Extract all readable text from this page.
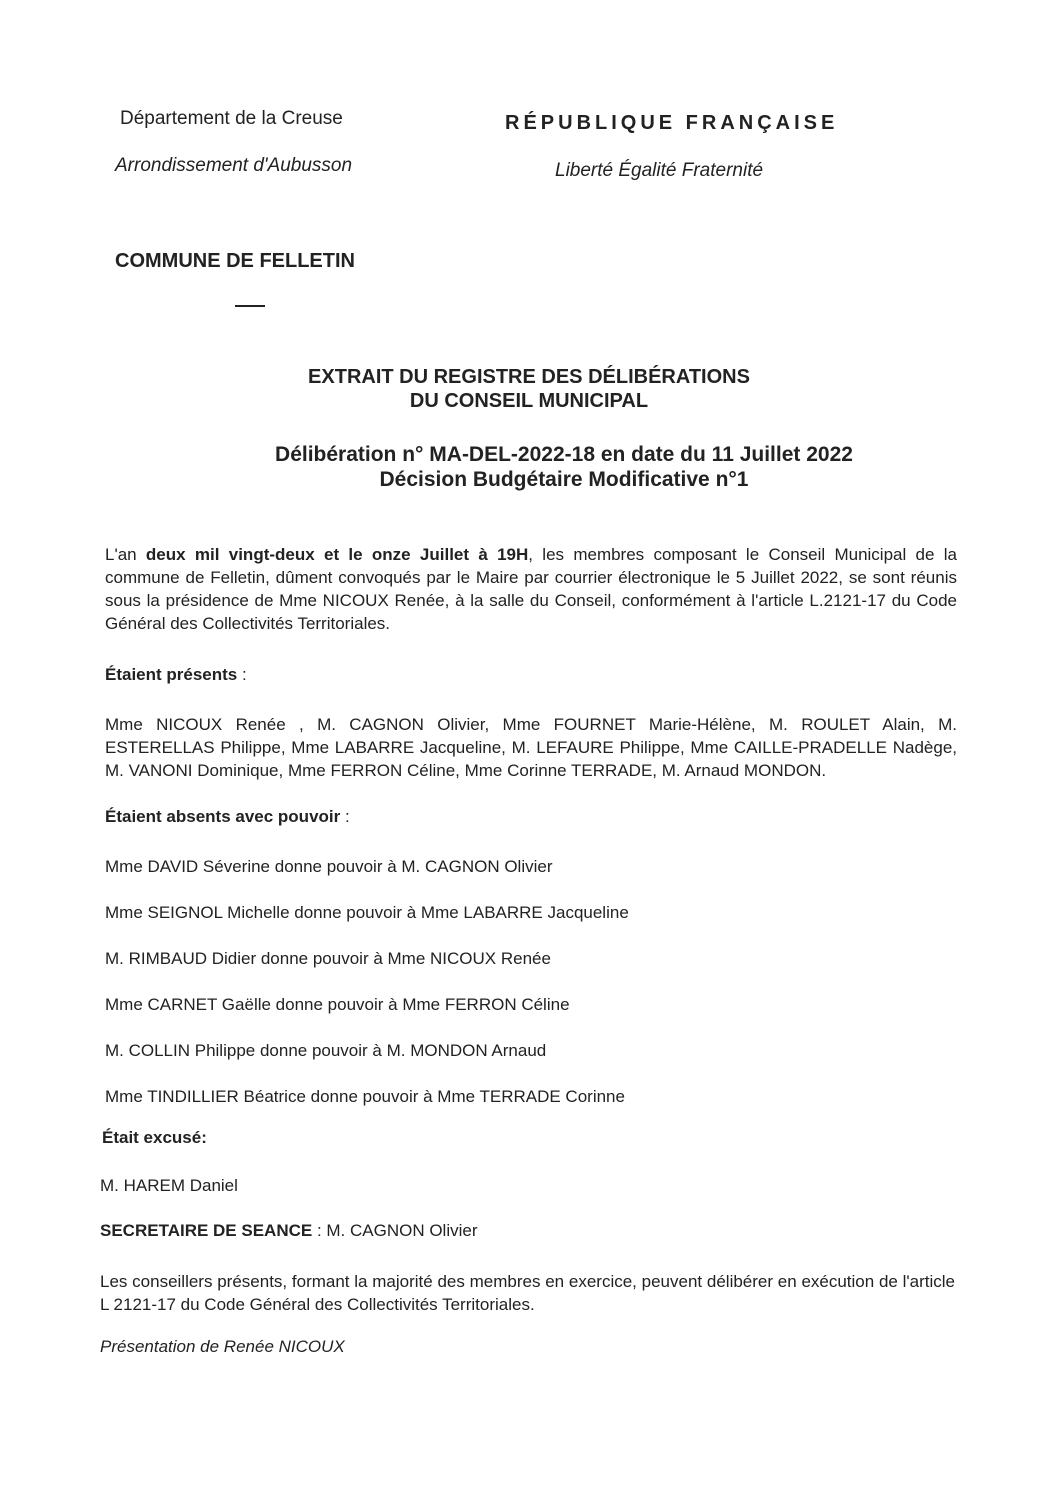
Département de la Creuse
Arrondissement d'Aubusson
RÉPUBLIQUE FRANÇAISE
Liberté Égalité Fraternité
COMMUNE DE FELLETIN
EXTRAIT DU REGISTRE DES DÉLIBÉRATIONS
DU CONSEIL MUNICIPAL
Délibération n° MA-DEL-2022-18 en date du 11 Juillet 2022
Décision Budgétaire Modificative n°1
L'an deux mil vingt-deux et le onze Juillet à 19H, les membres composant le Conseil Municipal de la commune de Felletin, dûment convoqués par le Maire par courrier électronique le 5 Juillet 2022, se sont réunis sous la présidence de Mme NICOUX Renée, à la salle du Conseil, conformément à l'article L.2121-17 du Code Général des Collectivités Territoriales.
Étaient présents :
Mme NICOUX Renée , M. CAGNON Olivier, Mme FOURNET Marie-Hélène, M. ROULET Alain, M. ESTERELLAS Philippe, Mme LABARRE Jacqueline, M. LEFAURE Philippe, Mme CAILLE-PRADELLE Nadège, M. VANONI Dominique, Mme FERRON Céline, Mme Corinne TERRADE, M. Arnaud MONDON.
Étaient absents avec pouvoir :
Mme DAVID Séverine donne pouvoir à M. CAGNON Olivier
Mme SEIGNOL Michelle donne pouvoir à Mme LABARRE Jacqueline
M. RIMBAUD Didier donne pouvoir à Mme NICOUX Renée
Mme CARNET Gaëlle donne pouvoir à Mme FERRON Céline
M. COLLIN Philippe donne pouvoir à M. MONDON Arnaud
Mme TINDILLIER Béatrice donne pouvoir à Mme TERRADE Corinne
Était excusé:
M. HAREM Daniel
SECRETAIRE DE SEANCE : M. CAGNON Olivier
Les conseillers présents, formant la majorité des membres en exercice, peuvent délibérer en exécution de l'article L 2121-17 du Code Général des Collectivités Territoriales.
Présentation de Renée NICOUX
